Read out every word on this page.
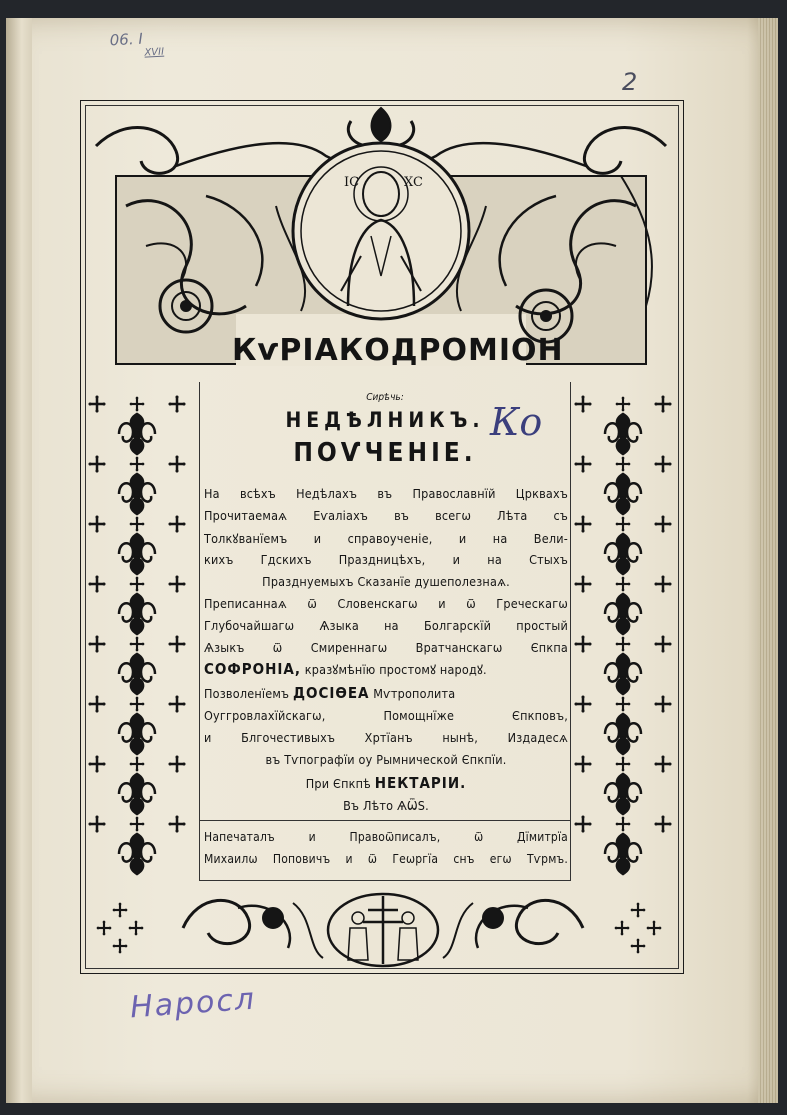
06. I
XVII
2
IC	XC
КѵРІАКОДРОМІОН
Сирѣчь:
НЕДѢЛНИКЪ.
ПОѴЧЕНІЕ.
На всѣхъ Недѣлахъ въ Православнїй Црквахъ
Прочитаемаѧ Еѵаліахъ въ всегѡ Лѣта съ
Толкꙋванїемъ и справоученіе, и на Вели-
кихъ Гдскихъ Праздницѣхъ, и на Стыхъ
Празднуемыхъ Сказанїе душеполезнаѧ.
Преписаннаѧ ѿ Словенскагѡ и ѿ Греческагѡ
Глубочайшагѡ Ѧзыка на Болгарскїй простый
Ѧзыкъ ѿ Смиреннагѡ Вратчанскагѡ Єпкпа
СОФРОНІА, кразꙋмѣнїю простомꙋ народꙋ.
Позволенїемъ ДОСІѲЕА Мѵтрополита
Оуггровлахїйскагѡ, Помощнїже Єпкповъ,
и Блгочестивыхъ Хртїанъ нынѣ, Издадесѧ
въ Тѵпографїи оу Рымнической Єпкпїи.
При Єпкпѣ НЕКТАРІИ.
Въ Лѣто ѦѾЅ.
Напечаталъ и Правоѿписалъ, ѿ Дїмитрїа
Михаилѡ Поповичъ и ѿ Геѡргїа снъ егѡ Тѵрмъ.
Ко
Наросл
